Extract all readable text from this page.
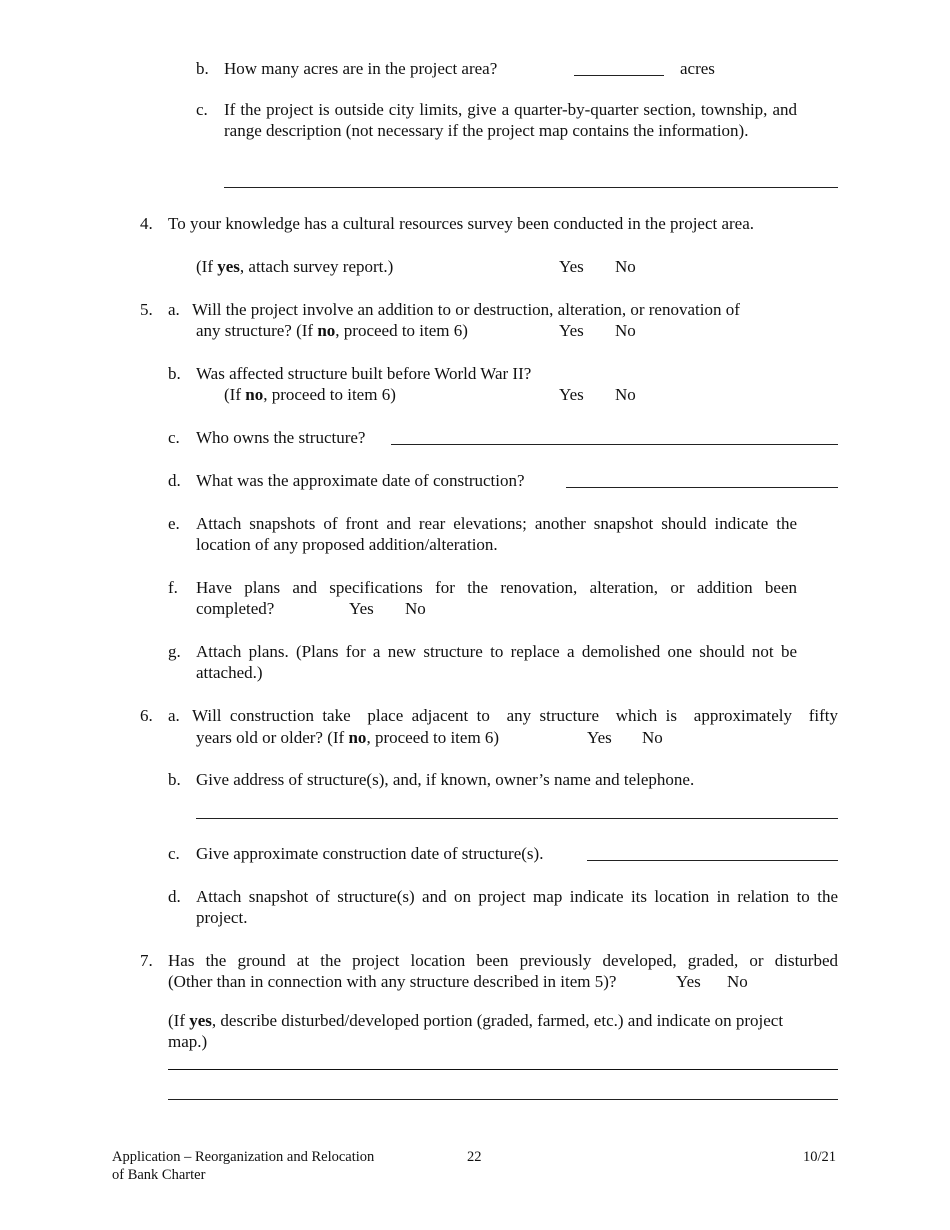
b. How many acres are in the project area?	acres
c. If the project is outside city limits, give a quarter-by-quarter section, township, and range description (not necessary if the project map contains the information).
4. To your knowledge has a cultural resources survey been conducted in the project area.
(If yes, attach survey report.)	Yes No
5. a. Will the project involve an addition to or destruction, alteration, or renovation of
any structure? (If no, proceed to item 6)	Yes No
b. Was affected structure built before World War II?
(If no, proceed to item 6)	Yes No
c. Who owns the structure?
d. What was the approximate date of construction?
e. Attach snapshots of front and rear elevations; another snapshot should indicate the location of any proposed addition/alteration.
f. Have plans and specifications for the renovation, alteration, or addition been
completed?	Yes No
g. Attach plans. (Plans for a new structure to replace a demolished one should not be attached.)
6. a. Will construction take  place adjacent to  any structure  which is  approximately  fifty
years old or older? (If no, proceed to item 6)	Yes No
b. Give address of structure(s), and, if known, owner’s name and telephone.
c. Give approximate construction date of structure(s).
d. Attach snapshot of structure(s) and on project map indicate its location in relation to the project.
7. Has the ground at the project location been previously developed, graded, or disturbed
(Other than in connection with any structure described in item 5)?	Yes No
(If yes, describe disturbed/developed portion (graded, farmed, etc.) and indicate on project map.)
Application – Reorganization and Relocation
of Bank Charter
22	10/21
